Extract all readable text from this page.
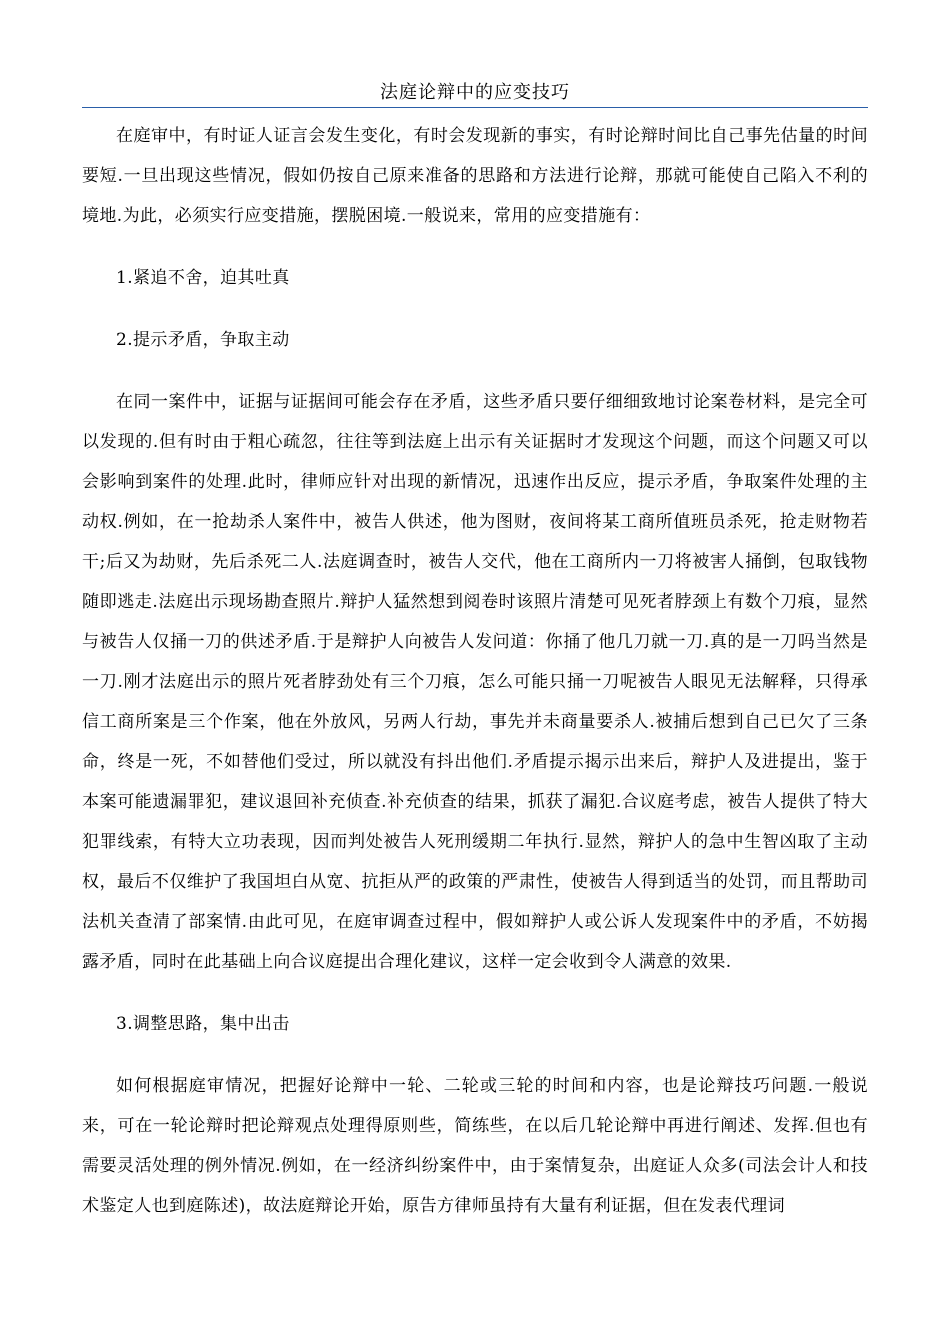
法庭论辩中的应变技巧

在庭审中，有时证人证言会发生变化，有时会发现新的事实，有时论辩时间比自己事先估量的时间要短.一旦出现这些情况，假如仍按自己原来准备的思路和方法进行论辩，那就可能使自己陷入不利的境地.为此，必须实行应变措施，摆脱困境.一般说来，常用的应变措施有：

1.紧追不舍，迫其吐真

2.提示矛盾，争取主动

在同一案件中，证据与证据间可能会存在矛盾，这些矛盾只要仔细细致地讨论案卷材料，是完全可以发现的.但有时由于粗心疏忽，往往等到法庭上出示有关证据时才发现这个问题，而这个问题又可以会影响到案件的处理.此时，律师应针对出现的新情况，迅速作出反应，提示矛盾，争取案件处理的主动权.例如，在一抢劫杀人案件中，被告人供述，他为图财，夜间将某工商所值班员杀死，抢走财物若干;后又为劫财，先后杀死二人.法庭调查时，被告人交代，他在工商所内一刀将被害人捅倒，包取钱物随即逃走.法庭出示现场勘查照片.辩护人猛然想到阅卷时该照片清楚可见死者脖颈上有数个刀痕，显然与被告人仅捅一刀的供述矛盾.于是辩护人向被告人发问道：你捅了他几刀就一刀.真的是一刀吗当然是一刀.刚才法庭出示的照片死者脖劲处有三个刀痕，怎么可能只捅一刀呢被告人眼见无法解释，只得承信工商所案是三个作案，他在外放风，另两人行劫，事先并未商量要杀人.被捕后想到自己已欠了三条命，终是一死，不如替他们受过，所以就没有抖出他们.矛盾提示揭示出来后，辩护人及进提出，鉴于本案可能遗漏罪犯，建议退回补充侦查.补充侦查的结果，抓获了漏犯.合议庭考虑，被告人提供了特大犯罪线索，有特大立功表现，因而判处被告人死刑缓期二年执行.显然，辩护人的急中生智凶取了主动权，最后不仅维护了我国坦白从宽、抗拒从严的政策的严肃性，使被告人得到适当的处罚，而且帮助司法机关查清了部案情.由此可见，在庭审调查过程中，假如辩护人或公诉人发现案件中的矛盾，不妨揭露矛盾，同时在此基础上向合议庭提出合理化建议，这样一定会收到令人满意的效果.

3.调整思路，集中出击

如何根据庭审情况，把握好论辩中一轮、二轮或三轮的时间和内容，也是论辩技巧问题.一般说来，可在一轮论辩时把论辩观点处理得原则些，简练些，在以后几轮论辩中再进行阐述、发挥.但也有需要灵活处理的例外情况.例如，在一经济纠纷案件中，由于案情复杂，出庭证人众多(司法会计人和技术鉴定人也到庭陈述)，故法庭辩论开始，原告方律师虽持有大量有利证据，但在发表代理词
